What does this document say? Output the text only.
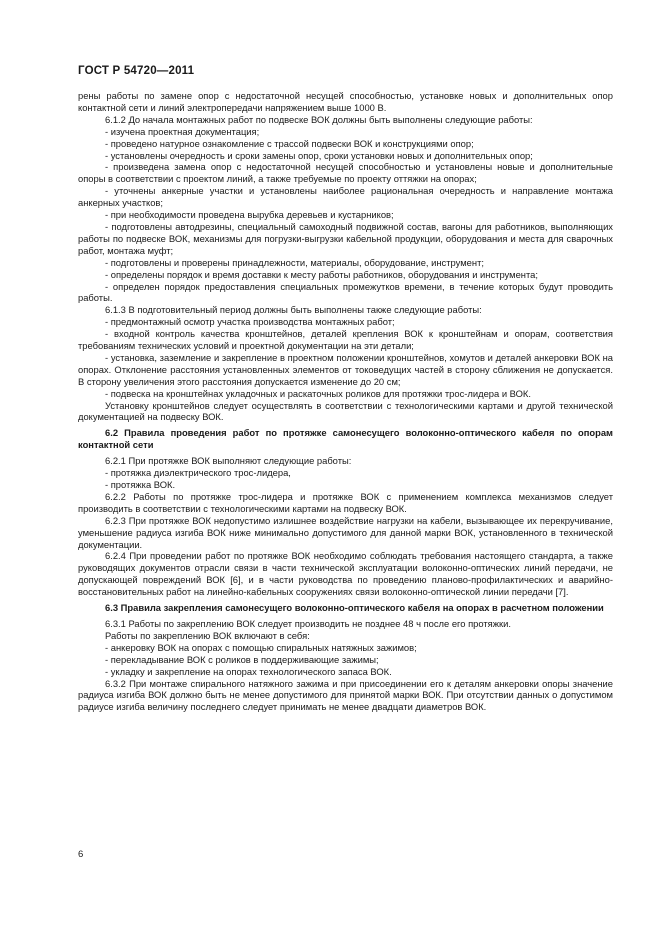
ГОСТ Р 54720—2011

рены работы по замене опор с недостаточной несущей способностью, установке новых и дополнительных опор контактной сети и линий электропередачи напряжением выше 1000 В.

6.1.2 До начала монтажных работ по подвеске ВОК должны быть выполнены следующие работы:

- изучена проектная документация;

- проведено натурное ознакомление с трассой подвески ВОК и конструкциями опор;

- установлены очередность и сроки замены опор, сроки установки новых и дополнительных опор;

- произведена замена опор с недостаточной несущей способностью и установлены новые и дополнительные опоры в соответствии с проектом линий, а также требуемые по проекту оттяжки на опорах;

- уточнены анкерные участки и установлены наиболее рациональная очередность и направление монтажа анкерных участков;

- при необходимости проведена вырубка деревьев и кустарников;

- подготовлены автодрезины, специальный самоходный подвижной состав, вагоны для работников, выполняющих работы по подвеске ВОК, механизмы для погрузки-выгрузки кабельной продукции, оборудования и места для сварочных работ, монтажа муфт;

- подготовлены и проверены принадлежности, материалы, оборудование, инструмент;

- определены порядок и время доставки к месту работы работников, оборудования и инструмента;

- определен порядок предоставления специальных промежутков времени, в течение которых будут проводить работы.

6.1.3 В подготовительный период должны быть выполнены также следующие работы:

- предмонтажный осмотр участка производства монтажных работ;

- входной контроль качества кронштейнов, деталей крепления ВОК к кронштейнам и опорам, соответствия требованиям технических условий и проектной документации на эти детали;

- установка, заземление и закрепление в проектном положении кронштейнов, хомутов и деталей анкеровки ВОК на опорах. Отклонение расстояния установленных элементов от токоведущих частей в сторону сближения не допускается. В сторону увеличения этого расстояния допускается изменение до 20 см;

- подвеска на кронштейнах укладочных и раскаточных роликов для протяжки трос-лидера и ВОК.

Установку кронштейнов следует осуществлять в соответствии с технологическими картами и другой технической документацией на подвеску ВОК.

6.2 Правила проведения работ по протяжке самонесущего волоконно-оптического кабеля по опорам контактной сети

6.2.1 При протяжке ВОК выполняют следующие работы:

- протяжка диэлектрического трос-лидера,

- протяжка ВОК.

6.2.2 Работы по протяжке трос-лидера и протяжке ВОК с применением комплекса механизмов следует производить в соответствии с технологическими картами на подвеску ВОК.

6.2.3 При протяжке ВОК недопустимо излишнее воздействие нагрузки на кабели, вызывающее их перекручивание, уменьшение радиуса изгиба ВОК ниже минимально допустимого для данной марки ВОК, установленного в технической документации.

6.2.4 При проведении работ по протяжке ВОК необходимо соблюдать требования настоящего стандарта, а также руководящих документов отрасли связи в части технической эксплуатации волоконно-оптических линий передачи, не допускающей повреждений ВОК [6], и в части руководства по проведению планово-профилактических и аварийно-восстановительных работ на линейно-кабельных сооружениях связи волоконно-оптической линии передачи [7].

6.3 Правила закрепления самонесущего волоконно-оптического кабеля на опорах в расчетном положении

6.3.1 Работы по закреплению ВОК следует производить не позднее 48 ч после его протяжки.

Работы по закреплению ВОК включают в себя:

- анкеровку ВОК на опорах с помощью спиральных натяжных зажимов;

- перекладывание ВОК с роликов в поддерживающие зажимы;

- укладку и закрепление на опорах технологического запаса ВОК.

6.3.2 При монтаже спирального натяжного зажима и при присоединении его к деталям анкеровки опоры значение радиуса изгиба ВОК должно быть не менее допустимого для принятой марки ВОК. При отсутствии данных о допустимом радиусе изгиба величину последнего следует принимать не менее двадцати диаметров ВОК.

6
